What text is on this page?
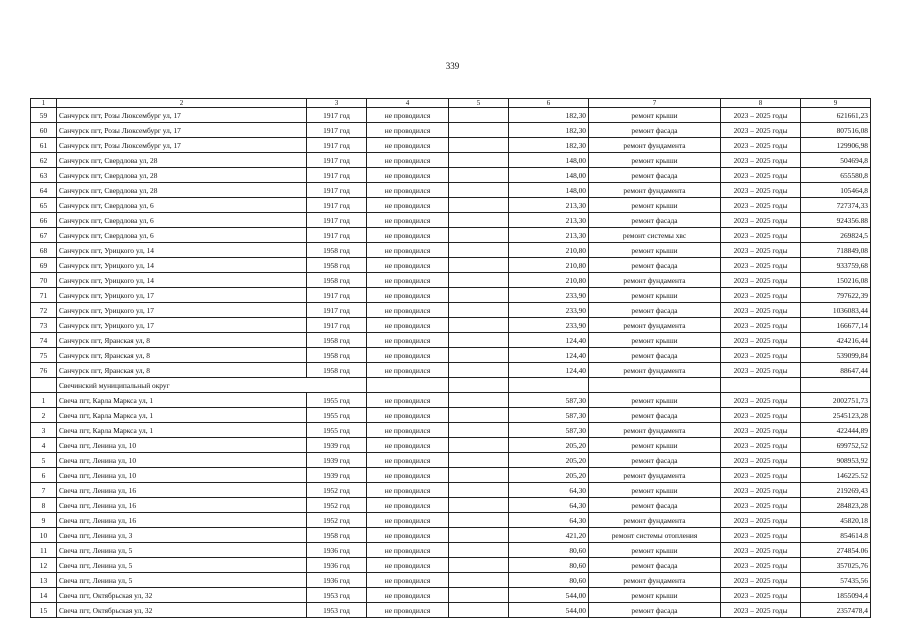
339
1	2	3	4	5	6	7	8	9
59	Санчурск пгт, Розы Люксембург ул, 17	1917 год	не проводился		182,30	ремонт крыши	2023 – 2025 годы	621661,23
60	Санчурск пгт, Розы Люксембург ул, 17	1917 год	не проводился		182,30	ремонт фасада	2023 – 2025 годы	807516,08
61	Санчурск пгт, Розы Люксембург ул, 17	1917 год	не проводился		182,30	ремонт фундамента	2023 – 2025 годы	129906,98
62	Санчурск пгт, Свердлова ул, 28	1917 год	не проводился		148,00	ремонт крыши	2023 – 2025 годы	504694,8
63	Санчурск пгт, Свердлова ул, 28	1917 год	не проводился		148,00	ремонт фасада	2023 – 2025 годы	655580,8
64	Санчурск пгт, Свердлова ул, 28	1917 год	не проводился		148,00	ремонт фундамента	2023 – 2025 годы	105464,8
65	Санчурск пгт, Свердлова ул, 6	1917 год	не проводился		213,30	ремонт крыши	2023 – 2025 годы	727374,33
66	Санчурск пгт, Свердлова ул, 6	1917 год	не проводился		213,30	ремонт фасада	2023 – 2025 годы	924356.88
67	Санчурск пгт, Свердлова ул, 6	1917 год	не проводился		213,30	ремонт системы хвс	2023 – 2025 годы	269824,5
68	Санчурск пгт, Урицкого ул, 14	1958 год	не проводился		210,80	ремонт крыши	2023 – 2025 годы	718849,08
69	Санчурск пгт, Урицкого ул, 14	1958 год	не проводился		210,80	ремонт фасада	2023 – 2025 годы	933759,68
70	Санчурск пгт, Урицкого ул, 14	1958 год	не проводился		210,80	ремонт фундамента	2023 – 2025 годы	150216,08
71	Санчурск пгт, Урицкого ул, 17	1917 год	не проводился		233,90	ремонт крыши	2023 – 2025 годы	797622,39
72	Санчурск пгт, Урицкого ул, 17	1917 год	не проводился		233,90	ремонт фасада	2023 – 2025 годы	1036083,44
73	Санчурск пгт, Урицкого ул, 17	1917 год	не проводился		233,90	ремонт фундамента	2023 – 2025 годы	166677,14
74	Санчурск пгт, Яранская ул, 8	1958 год	не проводился		124,40	ремонт крыши	2023 – 2025 годы	424216,44
75	Санчурск пгт, Яранская ул, 8	1958 год	не проводился		124,40	ремонт фасада	2023 – 2025 годы	539099,84
76	Санчурск пгт, Яранская ул, 8	1958 год	не проводился		124,40	ремонт фундамента	2023 – 2025 годы	88647,44
	Свечинский муниципальный округ							
1	Свеча пгт, Карла Маркса ул, 1	1955 год	не проводился		587,30	ремонт крыши	2023 – 2025 годы	2002751,73
2	Свеча пгт, Карла Маркса ул, 1	1955 год	не проводился		587,30	ремонт фасада	2023 – 2025 годы	2545123,28
3	Свеча пгт, Карла Маркса ул, 1	1955 год	не проводился		587,30	ремонт фундамента	2023 – 2025 годы	422444,89
4	Свеча пгт, Ленина ул, 10	1939 год	не проводился		205,20	ремонт крыши	2023 – 2025 годы	699752,52
5	Свеча пгт, Ленина ул, 10	1939 год	не проводился		205,20	ремонт фасада	2023 – 2025 годы	908953,92
6	Свеча пгт, Ленина ул, 10	1939 год	не проводился		205,20	ремонт фундамента	2023 – 2025 годы	146225.52
7	Свеча пгт, Ленина ул, 16	1952 год	не проводился		64,30	ремонт крыши	2023 – 2025 годы	219269,43
8	Свеча пгт, Ленина ул, 16	1952 год	не проводился		64,30	ремонт фасада	2023 – 2025 годы	284823,28
9	Свеча пгт, Ленина ул, 16	1952 год	не проводился		64,30	ремонт фундамента	2023 – 2025 годы	45820,18
10	Свеча пгт, Ленина ул, 3	1958 год	не проводился		421,20	ремонт системы отопления	2023 – 2025 годы	854614.8
11	Свеча пгт, Ленина ул, 5	1936 год	не проводился		80,60	ремонт крыши	2023 – 2025 годы	274854.06
12	Свеча пгт, Ленина ул, 5	1936 год	не проводился		80,60	ремонт фасада	2023 – 2025 годы	357025,76
13	Свеча пгт, Ленина ул, 5	1936 год	не проводился		80,60	ремонт фундамента	2023 – 2025 годы	57435,56
14	Свеча пгт, Октябрьская ул, 32	1953 год	не проводился		544,00	ремонт крыши	2023 – 2025 годы	1855094,4
15	Свеча пгт, Октябрьская ул, 32	1953 год	не проводился		544,00	ремонт фасада	2023 – 2025 годы	2357478,4
